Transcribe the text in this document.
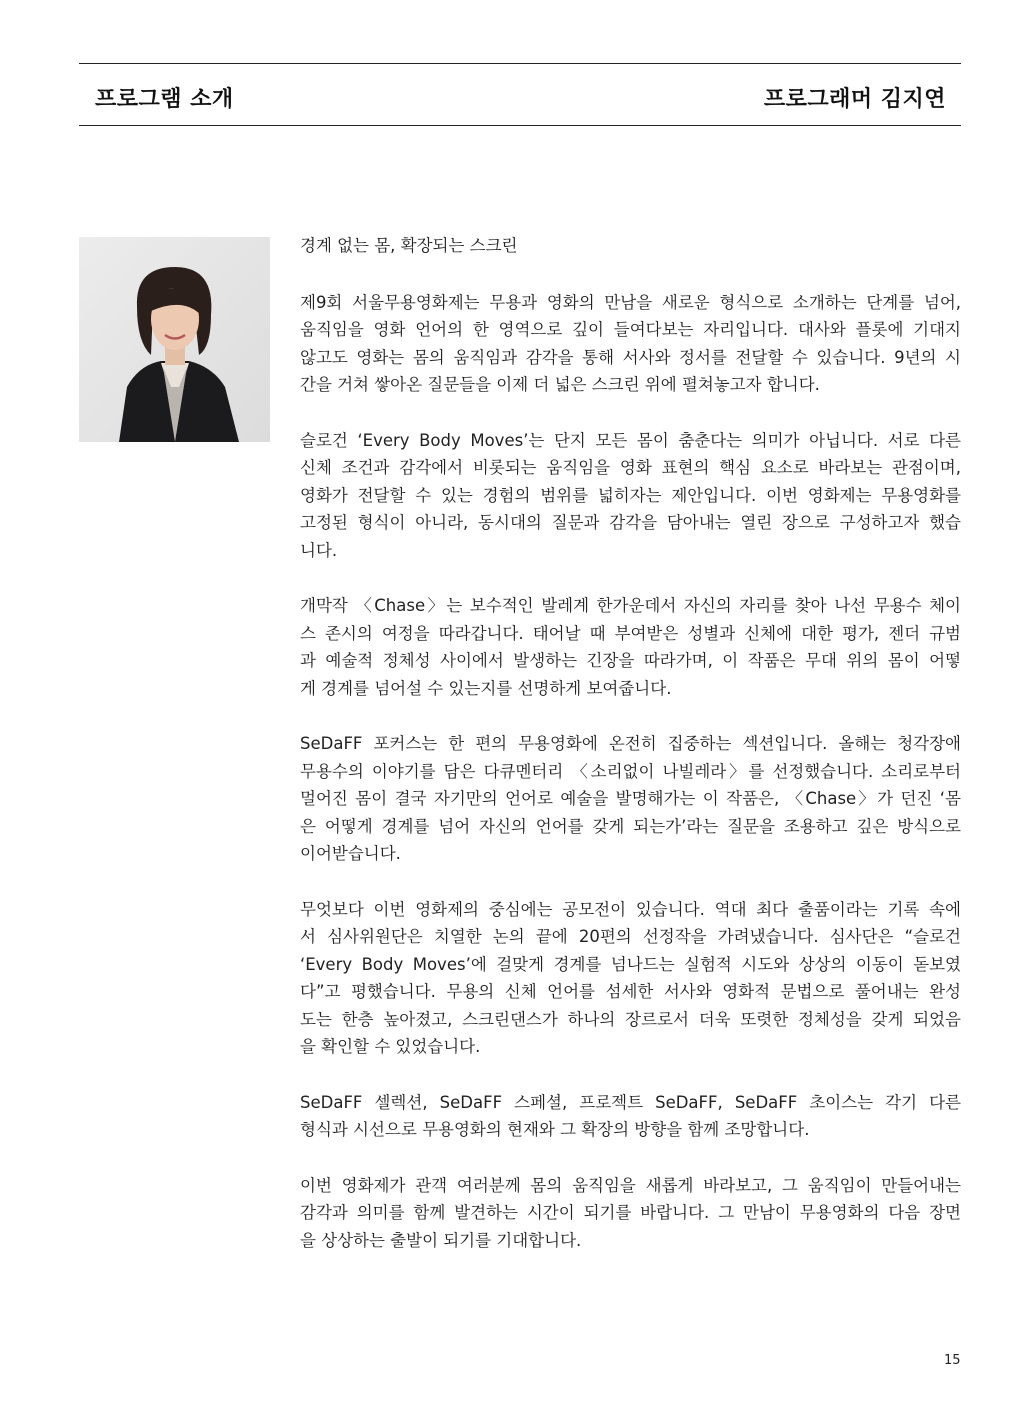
프로그램 소개	프로그래머 김지연
경계 없는 몸, 확장되는 스크린
제9회 서울무용영화제는 무용과 영화의 만남을 새로운 형식으로 소개하는 단계를 넘어,
움직임을 영화 언어의 한 영역으로 깊이 들여다보는 자리입니다. 대사와 플롯에 기대지
않고도 영화는 몸의 움직임과 감각을 통해 서사와 정서를 전달할 수 있습니다. 9년의 시
간을 거쳐 쌓아온 질문들을 이제 더 넓은 스크린 위에 펼쳐놓고자 합니다.
슬로건 ‘Every Body Moves’는 단지 모든 몸이 춤춘다는 의미가 아닙니다. 서로 다른
신체 조건과 감각에서 비롯되는 움직임을 영화 표현의 핵심 요소로 바라보는 관점이며,
영화가 전달할 수 있는 경험의 범위를 넓히자는 제안입니다. 이번 영화제는 무용영화를
고정된 형식이 아니라, 동시대의 질문과 감각을 담아내는 열린 장으로 구성하고자 했습
니다.
개막작 〈Chase〉는 보수적인 발레계 한가운데서 자신의 자리를 찾아 나선 무용수 체이
스 존시의 여정을 따라갑니다. 태어날 때 부여받은 성별과 신체에 대한 평가, 젠더 규범
과 예술적 정체성 사이에서 발생하는 긴장을 따라가며, 이 작품은 무대 위의 몸이 어떻
게 경계를 넘어설 수 있는지를 선명하게 보여줍니다.
SeDaFF 포커스는 한 편의 무용영화에 온전히 집중하는 섹션입니다. 올해는 청각장애
무용수의 이야기를 담은 다큐멘터리 〈소리없이 나빌레라〉를 선정했습니다. 소리로부터
멀어진 몸이 결국 자기만의 언어로 예술을 발명해가는 이 작품은, 〈Chase〉가 던진 ‘몸
은 어떻게 경계를 넘어 자신의 언어를 갖게 되는가’라는 질문을 조용하고 깊은 방식으로
이어받습니다.
무엇보다 이번 영화제의 중심에는 공모전이 있습니다. 역대 최다 출품이라는 기록 속에
서 심사위원단은 치열한 논의 끝에 20편의 선정작을 가려냈습니다. 심사단은 “슬로건
‘Every Body Moves’에 걸맞게 경계를 넘나드는 실험적 시도와 상상의 이동이 돋보였
다”고 평했습니다. 무용의 신체 언어를 섬세한 서사와 영화적 문법으로 풀어내는 완성
도는 한층 높아졌고, 스크린댄스가 하나의 장르로서 더욱 또렷한 정체성을 갖게 되었음
을 확인할 수 있었습니다.
SeDaFF 셀렉션, SeDaFF 스페셜, 프로젝트 SeDaFF, SeDaFF 초이스는 각기 다른
형식과 시선으로 무용영화의 현재와 그 확장의 방향을 함께 조망합니다.
이번 영화제가 관객 여러분께 몸의 움직임을 새롭게 바라보고, 그 움직임이 만들어내는
감각과 의미를 함께 발견하는 시간이 되기를 바랍니다. 그 만남이 무용영화의 다음 장면
을 상상하는 출발이 되기를 기대합니다.
15
